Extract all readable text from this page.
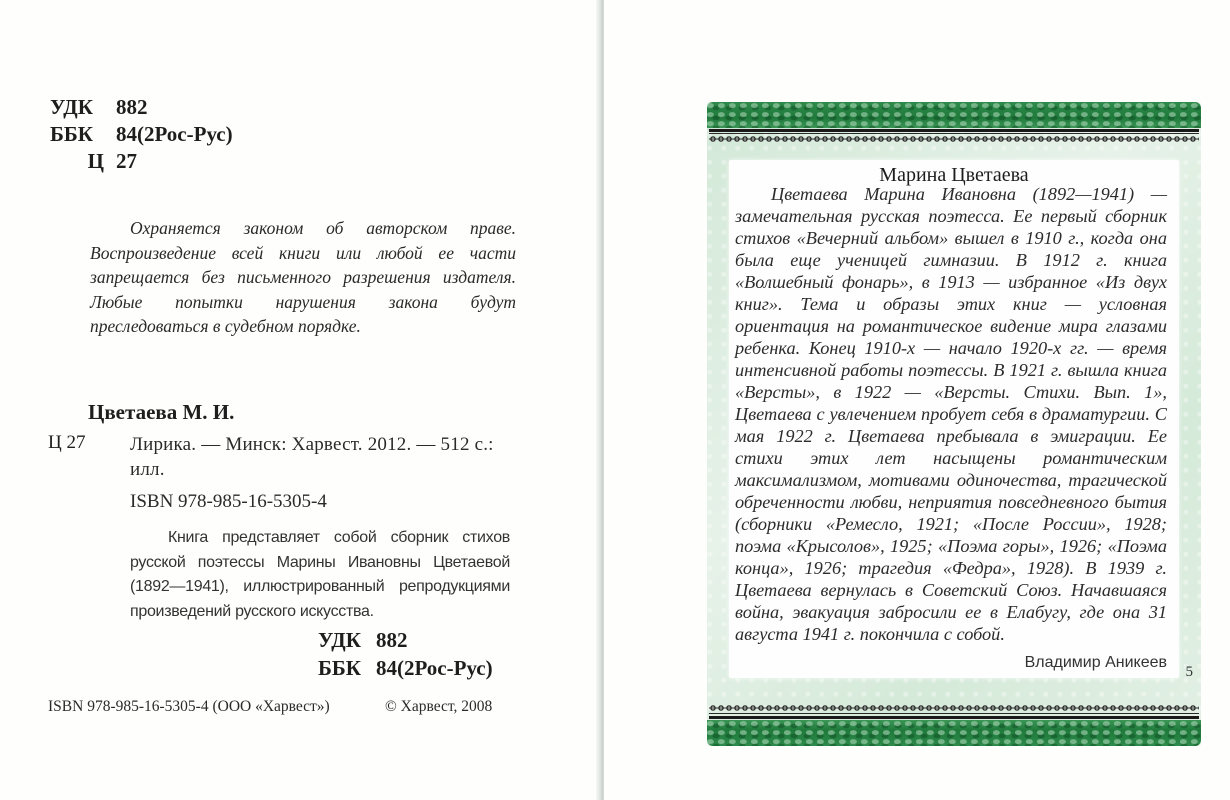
УДК	882
ББК	84(2Рос-Рус)
Ц 27
Охраняется законом об авторском праве. Воспроизведение всей книги или любой ее части запрещается без письменного разрешения издателя. Любые попытки нарушения закона будут преследоваться в судебном порядке.
Цветаева М. И.
Ц 27 Лирика. — Минск: Харвест. 2012. — 512 с.: илл.
ISBN 978-985-16-5305-4
Книга представляет собой сборник стихов русской поэтессы Марины Ивановны Цветаевой (1892—1941), иллюстрированный репродукциями произведений русского искусства.
УДК 882
ББК 84(2Рос-Рус)
ISBN 978-985-16-5305-4 (ООО «Харвест»)	© Харвест, 2008
Марина Цветаева
Цветаева Марина Ивановна (1892—1941) — замечательная русская поэтесса. Ее первый сборник стихов «Вечерний альбом» вышел в 1910 г., когда она была еще ученицей гимназии. В 1912 г. книга «Волшебный фонарь», в 1913 — избранное «Из двух книг». Тема и образы этих книг — условная ориентация на романтическое видение мира глазами ребенка. Конец 1910-х — начало 1920-х гг. — время интенсивной работы поэтессы. В 1921 г. вышла книга «Версты», в 1922 — «Версты. Стихи. Вып. 1», Цветаева с увлечением пробует себя в драматургии. С мая 1922 г. Цветаева пребывала в эмиграции. Ее стихи этих лет насыщены романтическим максимализмом, мотивами одиночества, трагической обреченности любви, неприятия повседневного бытия (сборники «Ремесло, 1921; «После России», 1928; поэма «Крысолов», 1925; «Поэма горы», 1926; «Поэма конца», 1926; трагедия «Федра», 1928). В 1939 г. Цветаева вернулась в Советский Союз. Начавшаяся война, эвакуация забросили ее в Елабугу, где она 31 августа 1941 г. покончила с собой.
Владимир Аникеев
5
